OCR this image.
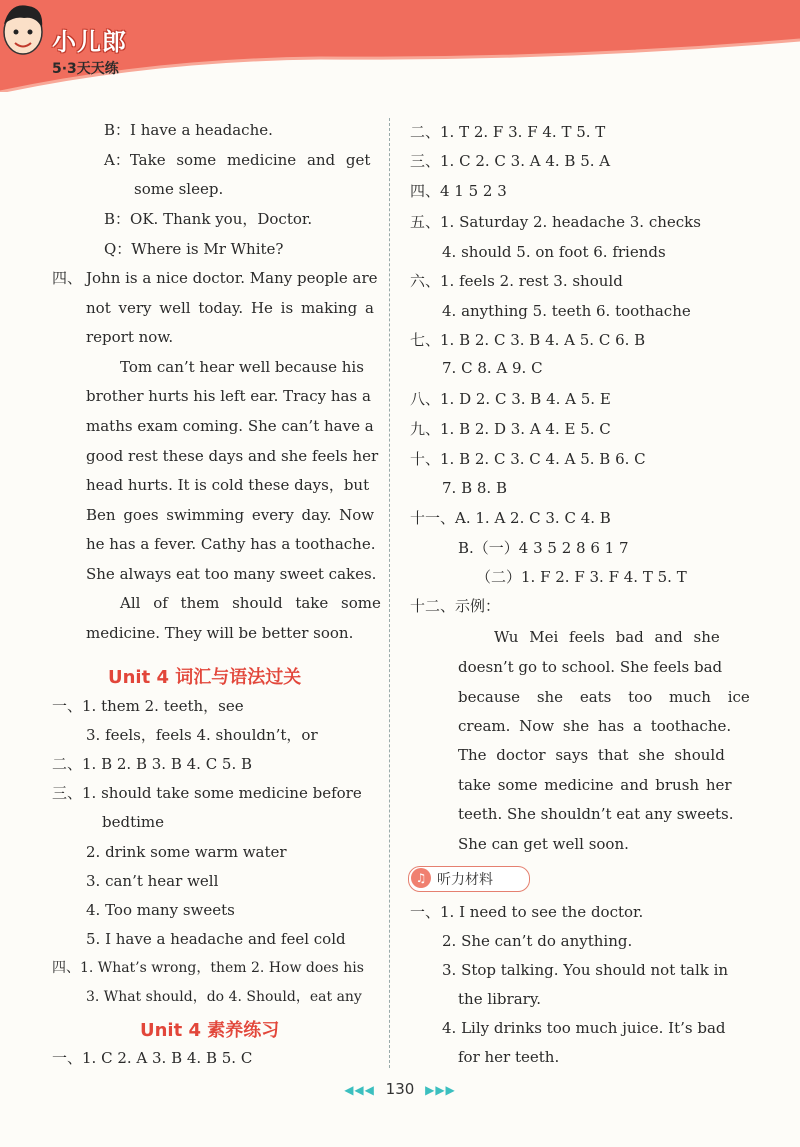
小儿郎
5·3天天练
B：I have a headache.
A：Take some medicine and get
some sleep.
B：OK. Thank you，Doctor.
Q：Where is Mr White?
四、 John is a nice doctor. Many people are
not very well today. He is making a
report now.
Tom can’t hear well because his
brother hurts his left ear. Tracy has a
maths exam coming. She can’t have a
good rest these days and she feels her
head hurts. It is cold these days，but
Ben goes swimming every day. Now
he has a fever. Cathy has a toothache.
She always eat too many sweet cakes.
All of them should take some
medicine. They will be better soon.
Unit 4 词汇与语法过关
一、1. them 2. teeth，see
3. feels，feels 4. shouldn’t，or
二、1. B 2. B 3. B 4. C 5. B
三、1. should take some medicine before
bedtime
2. drink some warm water
3. can’t hear well
4. Too many sweets
5. I have a headache and feel cold
四、1. What’s wrong，them 2. How does his
3. What should，do 4. Should，eat any
Unit 4 素养练习
一、1. C 2. A 3. B 4. B 5. C
二、1. T 2. F 3. F 4. T 5. T
三、1. C 2. C 3. A 4. B 5. A
四、4 1 5 2 3
五、1. Saturday 2. headache 3. checks
4. should 5. on foot 6. friends
六、1. feels 2. rest 3. should
4. anything 5. teeth 6. toothache
七、1. B 2. C 3. B 4. A 5. C 6. B
7. C 8. A 9. C
八、1. D 2. C 3. B 4. A 5. E
九、1. B 2. D 3. A 4. E 5. C
十、1. B 2. C 3. C 4. A 5. B 6. C
7. B 8. B
十一、A. 1. A 2. C 3. C 4. B
B.（一）4 3 5 2 8 6 1 7
（二）1. F 2. F 3. F 4. T 5. T
十二、示例：
Wu Mei feels bad and she
doesn’t go to school. She feels bad
because she eats too much ice
cream. Now she has a toothache.
The doctor says that she should
take some medicine and brush her
teeth. She shouldn’t eat any sweets.
She can get well soon.
♫ 听力材料
一、1. I need to see the doctor.
2. She can’t do anything.
3. Stop talking. You should not talk in
the library.
4. Lily drinks too much juice. It’s bad
for her teeth.
◀◀◀ 130 ▶▶▶
